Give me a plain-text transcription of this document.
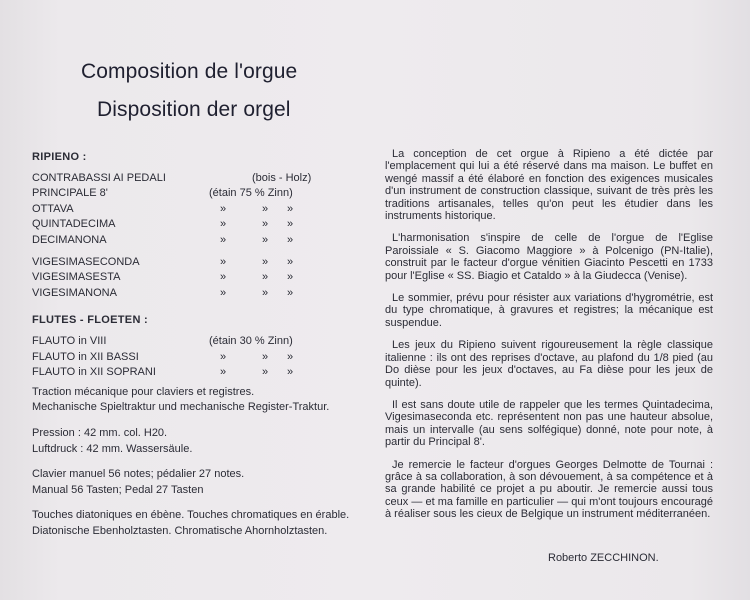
Composition de l'orgue
Disposition der orgel
RIPIENO :
CONTRABASSI AI PEDALI	(bois - Holz)
PRINCIPALE 8'	(étain 75 % Zinn)
OTTAVA	»	» »
QUINTADECIMA	»	» »
DECIMANONA	»	» »
VIGESIMASECONDA	»	» »
VIGESIMASESTA	»	» »
VIGESIMANONA	»	» »
FLUTES - FLOETEN :
FLAUTO in VIII	(étain 30 % Zinn)
FLAUTO in XII BASSI	»	» »
FLAUTO in XII SOPRANI	»	» »

Traction mécanique pour claviers et registres.

Mechanische Spieltraktur und mechanische Register-Traktur.

Pression : 42 mm. col. H20.

Luftdruck : 42 mm. Wassersäule.

Clavier manuel 56 notes; pédalier 27 notes.

Manual 56 Tasten; Pedal 27 Tasten

Touches diatoniques en ébène. Touches chromatiques en érable.

Diatonische Ebenholztasten. Chromatische Ahornholztasten.

La conception de cet orgue à Ripieno a été dictée par l'emplacement qui lui a été réservé dans ma maison. Le buffet en wengé massif a été élaboré en fonction des exigences musicales d'un instrument de construction classique, suivant de très près les traditions artisanales, telles qu'on peut les étudier dans les instruments historique.

L'harmonisation s'inspire de celle de l'orgue de l'Eglise Paroissiale « S. Giacomo Maggiore » à Polcenigo (PN-Italie), construit par le facteur d'orgue vénitien Giacinto Pescetti en 1733 pour l'Eglise « SS. Biagio et Cataldo » à la Giudecca (Venise).

Le sommier, prévu pour résister aux variations d'hygrométrie, est du type chromatique, à gravures et registres; la mécanique est suspendue.

Les jeux du Ripieno suivent rigoureusement la règle classique italienne : ils ont des reprises d'octave, au plafond du 1/8 pied (au Do dièse pour les jeux d'octaves, au Fa dièse pour les jeux de quinte).

Il est sans doute utile de rappeler que les termes Quintadecima, Vigesimaseconda etc. représentent non pas une hauteur absolue, mais un intervalle (au sens solfégique) donné, note pour note, à partir du Principal 8'.

Je remercie le facteur d'orgues Georges Delmotte de Tournai : grâce à sa collaboration, à son dévouement, à sa compétence et à sa grande habilité ce projet a pu aboutir. Je remercie aussi tous ceux — et ma famille en particulier — qui m'ont toujours encouragé à réaliser sous les cieux de Belgique un instrument méditerranéen.

Roberto ZECCHINON.
